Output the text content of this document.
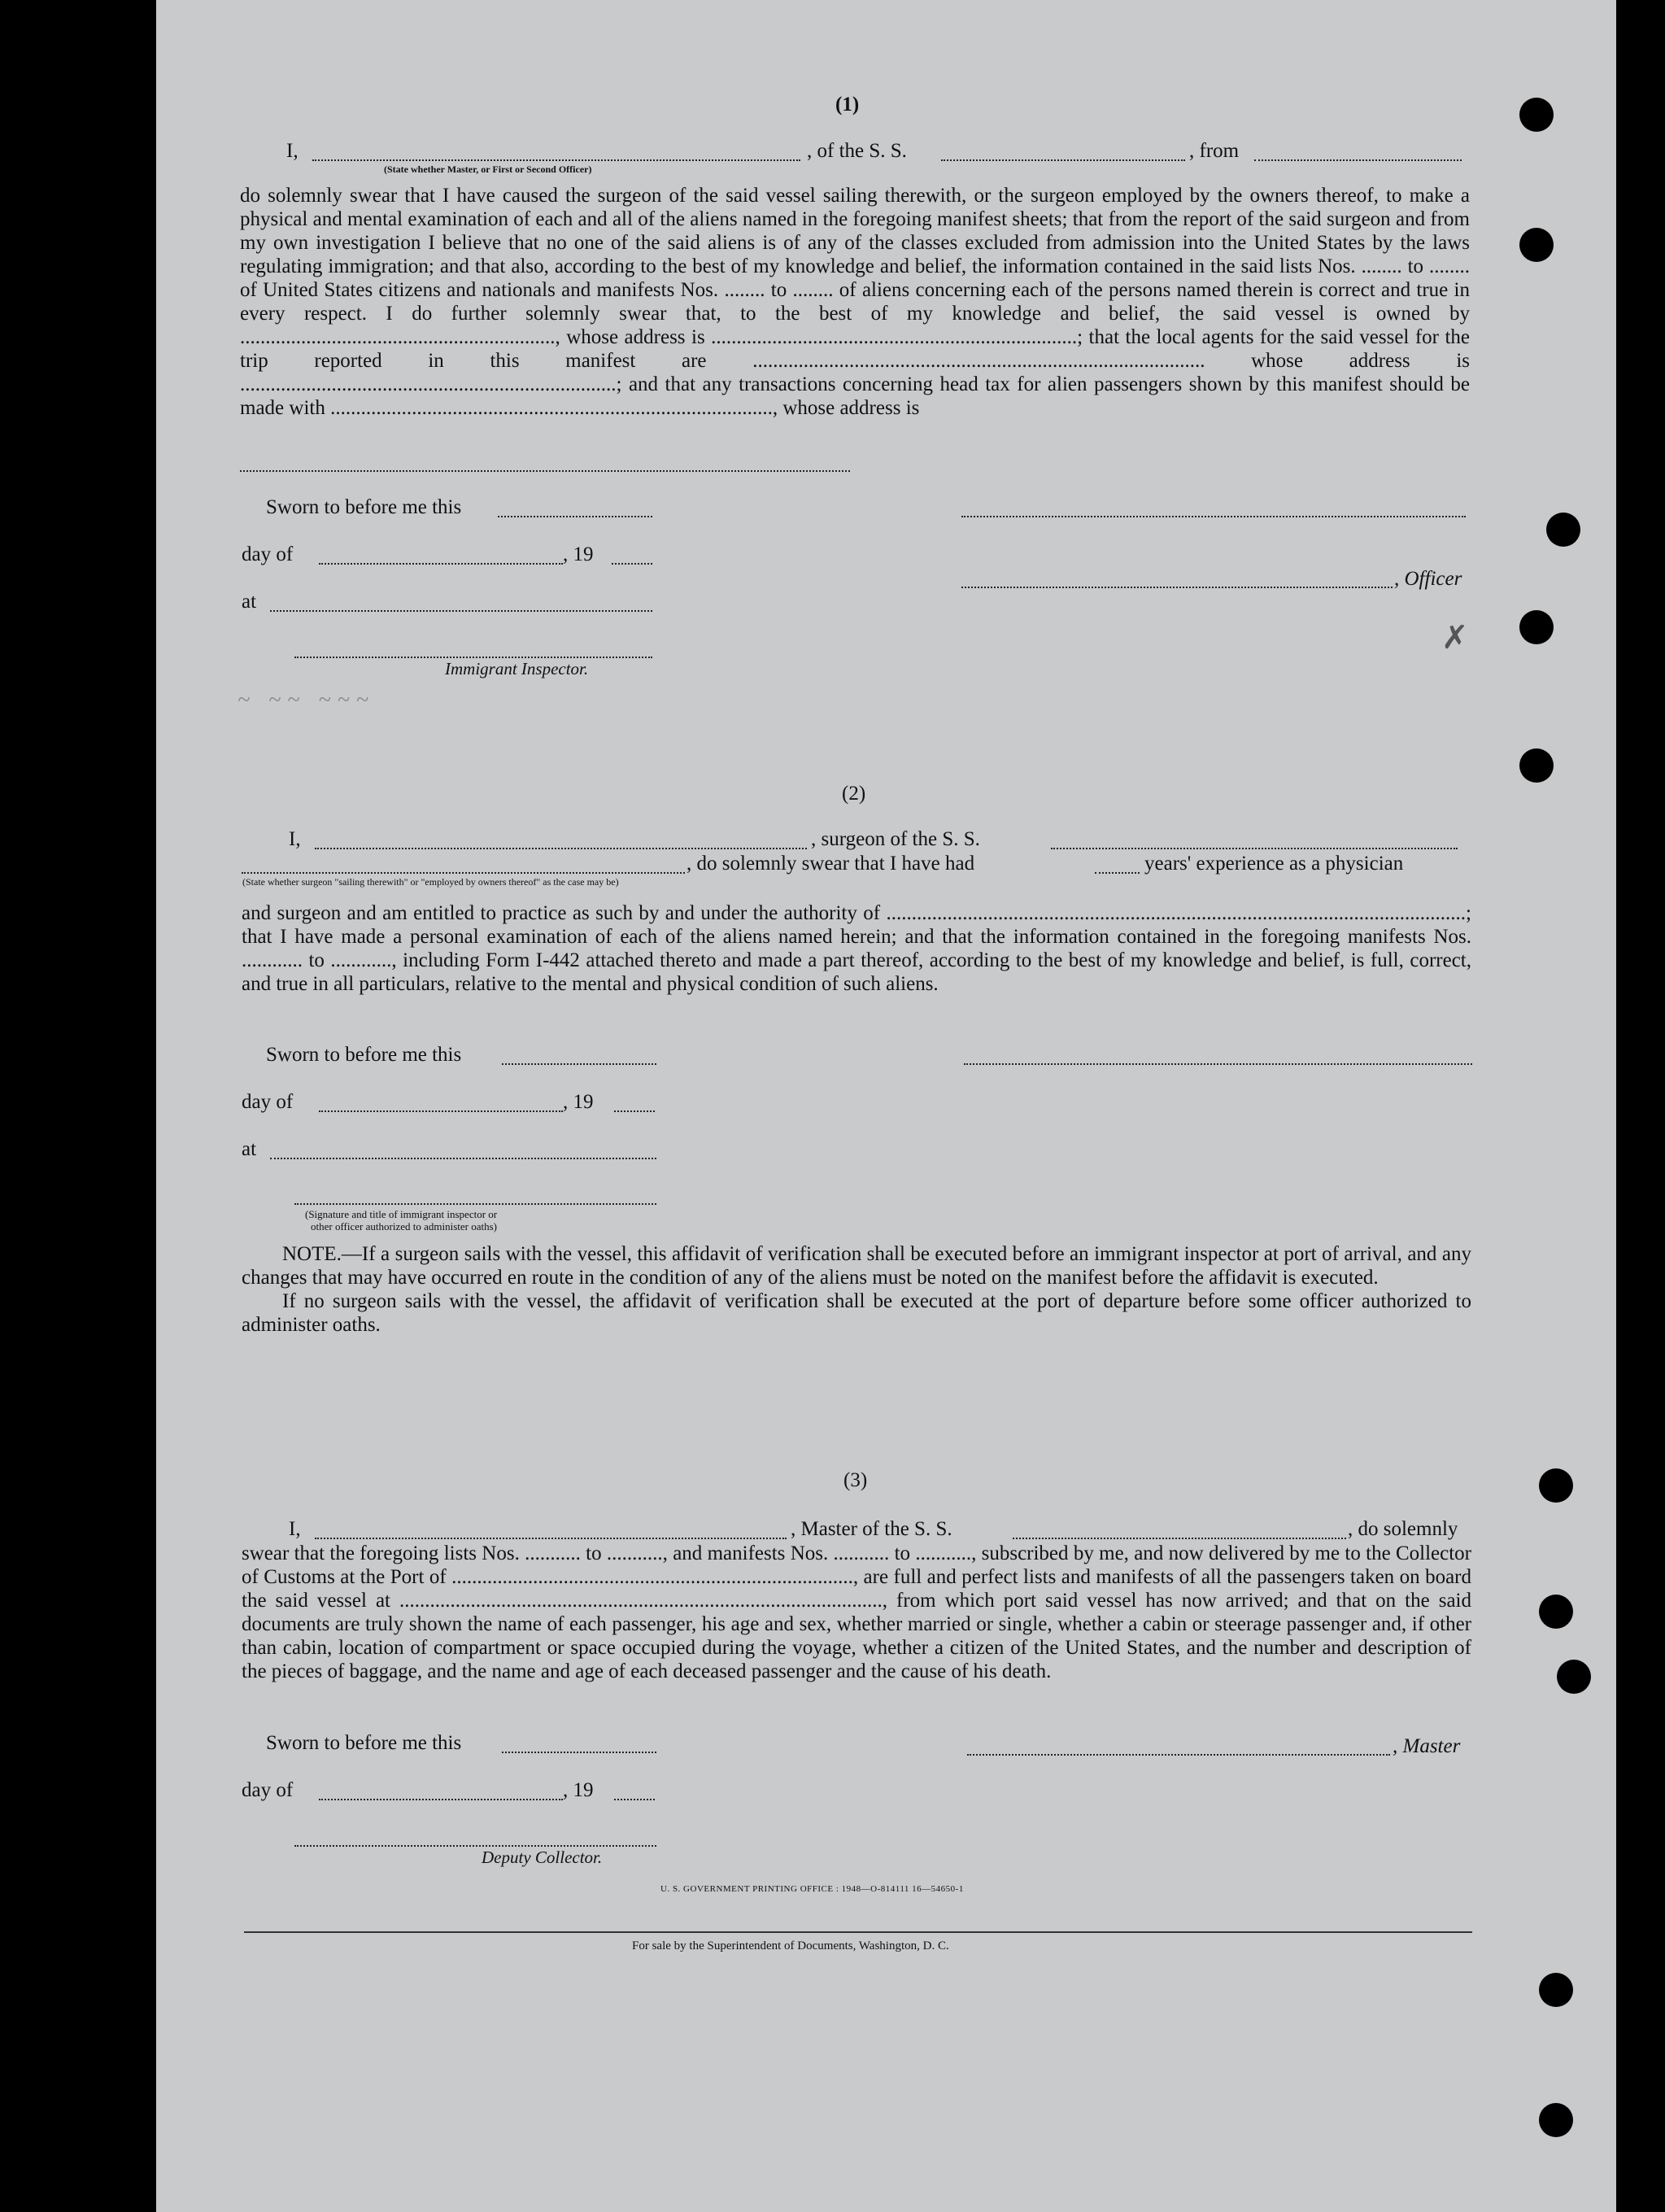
~ ~~ ~~~
✗
(1)
I,	, of the S. S.	, from
(State whether Master, or First or Second Officer)

do solemnly swear that I have caused the surgeon of the said vessel sailing therewith, or the surgeon employed by the owners thereof, to make a physical and mental examination of each and all of the aliens named in the foregoing manifest sheets; that from the report of the said surgeon and from my own investigation I believe that no one of the said aliens is of any of the classes excluded from admission into the United States by the laws regulating immigration; and that also, according to the best of my knowledge and belief, the information contained in the said lists Nos. ........ to ........ of United States citizens and nationals and manifests Nos. ........ to ........ of aliens concerning each of the persons named therein is correct and true in every respect. I do further solemnly swear that, to the best of my knowledge and belief, the said vessel is owned by .............................................................., whose address is ........................................................................; that the local agents for the said vessel for the trip reported in this manifest are ......................................................................................... whose address is ..........................................................................; and that any transactions concerning head tax for alien passengers shown by this manifest should be made with ......................................................................................., whose address is

Sworn to before me this
day of	, 19
at
, Officer
Immigrant Inspector.
(2)
I,	, surgeon of the S. S.
, do solemnly swear that I have had	years' experience as a physician
(State whether surgeon "sailing therewith" or "employed by owners thereof" as the case may be)

and surgeon and am entitled to practice as such by and under the authority of ..................................................................................................................; that I have made a personal examination of each of the aliens named herein; and that the information contained in the foregoing manifests Nos. ............ to ............, including Form I-442 attached thereto and made a part thereof, according to the best of my knowledge and belief, is full, correct, and true in all particulars, relative to the mental and physical condition of such aliens.

Sworn to before me this
day of	, 19
at
(Signature and title of immigrant inspector or
other officer authorized to administer oaths)

NOTE.—If a surgeon sails with the vessel, this affidavit of verification shall be executed before an immigrant inspector at port of arrival, and any changes that may have occurred en route in the condition of any of the aliens must be noted on the manifest before the affidavit is executed.

If no surgeon sails with the vessel, the affidavit of verification shall be executed at the port of departure before some officer authorized to administer oaths.

(3)
I,	, Master of the S. S.	, do solemnly

swear that the foregoing lists Nos. ........... to ..........., and manifests Nos. ........... to ..........., subscribed by me, and now delivered by me to the Collector of Customs at the Port of ..............................................................................., are full and perfect lists and manifests of all the passengers taken on board the said vessel at ..............................................................................................., from which port said vessel has now arrived; and that on the said documents are truly shown the name of each passenger, his age and sex, whether married or single, whether a cabin or steerage passenger and, if other than cabin, location of compartment or space occupied during the voyage, whether a citizen of the United States, and the number and description of the pieces of baggage, and the name and age of each deceased passenger and the cause of his death.

Sworn to before me this	, Master
day of	, 19
Deputy Collector.
U. S. GOVERNMENT PRINTING OFFICE : 1948—O-814111 16—54650-1
For sale by the Superintendent of Documents, Washington, D. C.
